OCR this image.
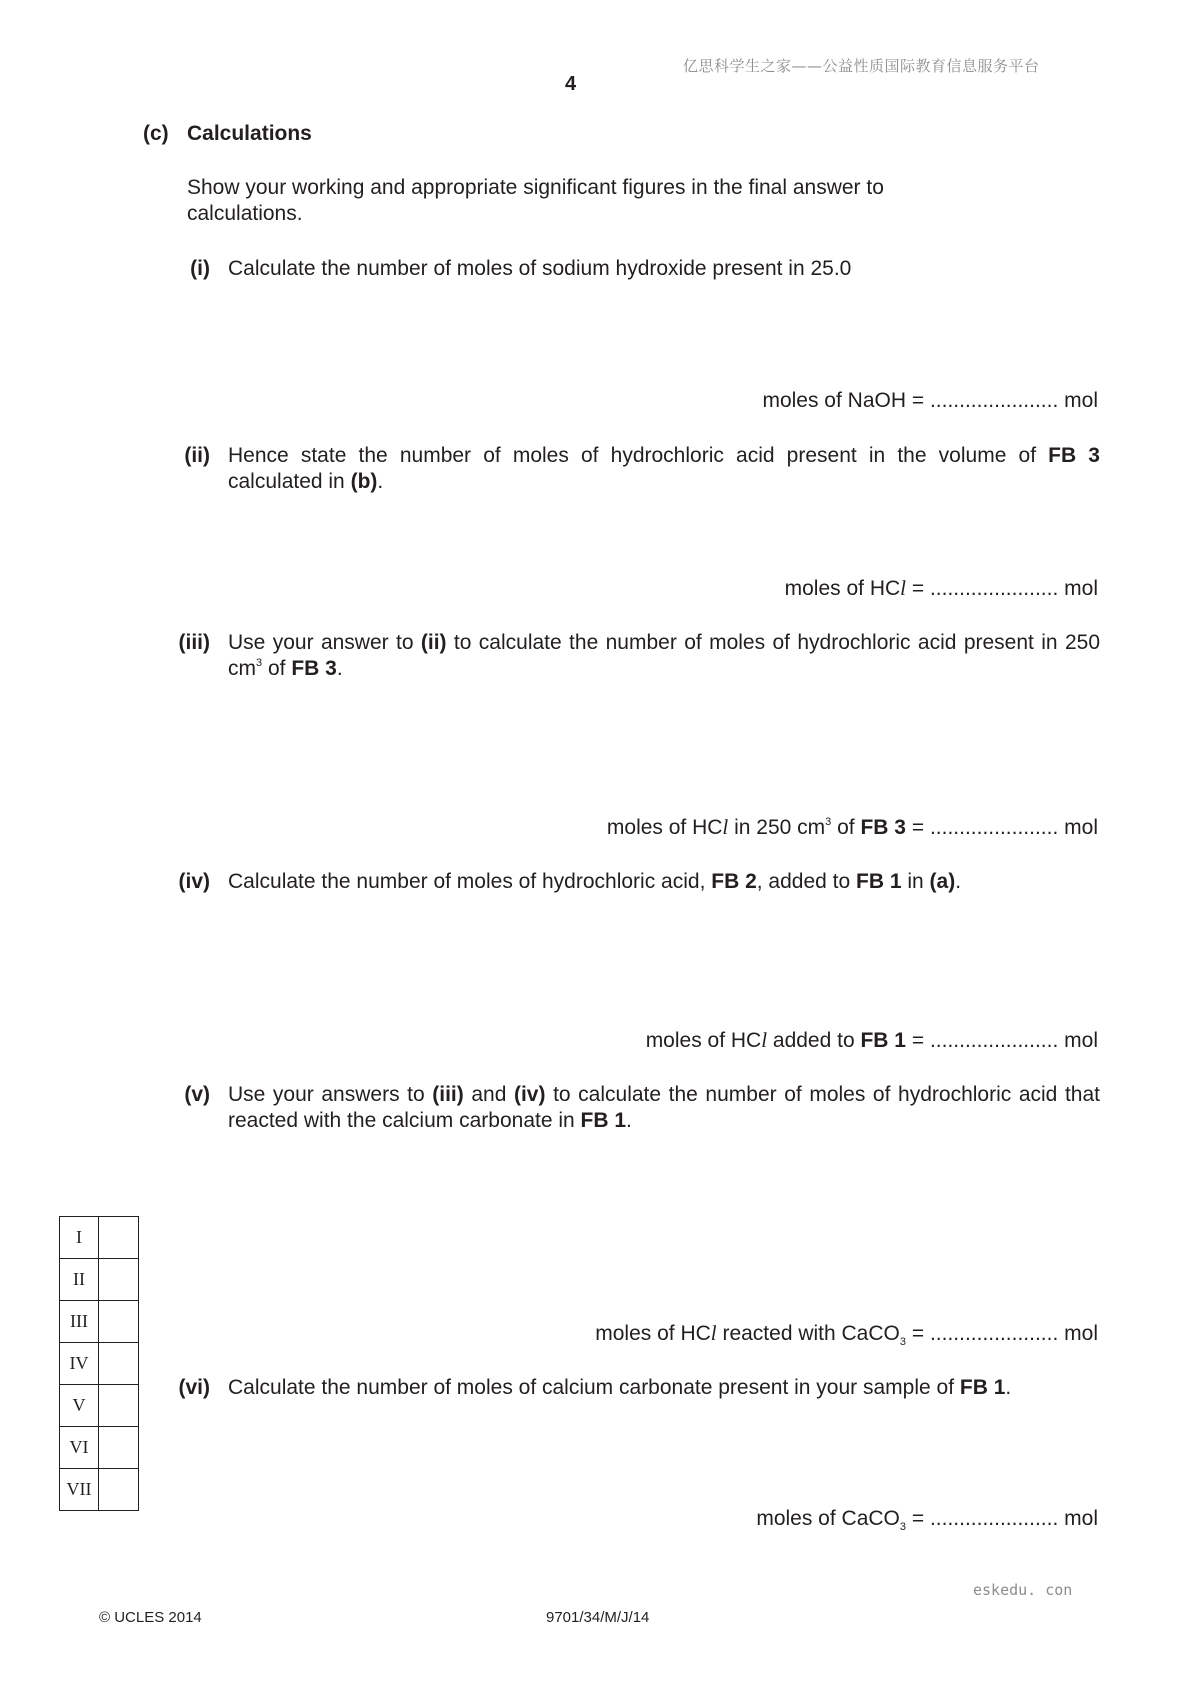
亿思科学生之家——公益性质国际教育信息服务平台
4
(c) Calculations
Show your working and appropriate significant figures in the final answer to calculations.
(i) Calculate the number of moles of sodium hydroxide present in 25.0
moles of NaOH = ...................... mol
(ii) Hence state the number of moles of hydrochloric acid present in the volume of FB 3 calculated in (b).
moles of HCl = ...................... mol
(iii) Use your answer to (ii) to calculate the number of moles of hydrochloric acid present in 250 $cm^3$ of FB 3.
moles of HCl in 250 $cm^3$ of FB 3 = ...................... mol
(iv) Calculate the number of moles of hydrochloric acid, FB 2, added to FB 1 in (a).
moles of HCl added to FB 1 = ...................... mol
(v) Use your answers to (iii) and (iv) to calculate the number of moles of hydrochloric acid that reacted with the calcium carbonate in FB 1.
moles of HCl reacted with CaCO$_3$ = ...................... mol
(vi) Calculate the number of moles of calcium carbonate present in your sample of FB 1.
moles of CaCO$_3$ = ...................... mol
I	
II	
III	
IV	
V	
VI	
VII	
eskedu. con
© UCLES 2014	9701/34/M/J/14
